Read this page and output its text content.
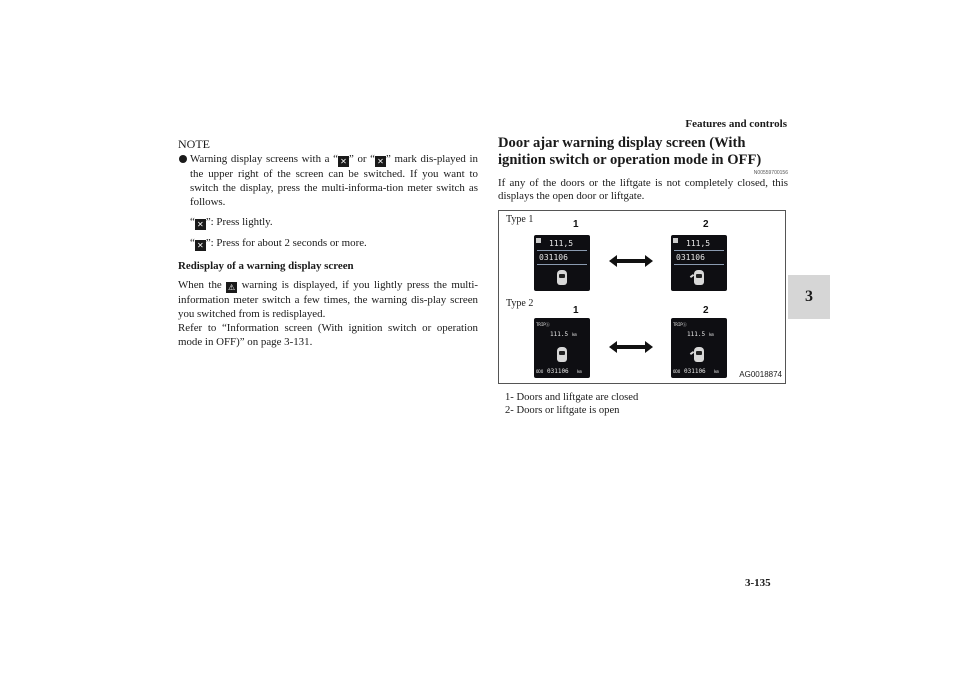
Features and controls
3
3-135
NOTE
Warning display screens with a “ ✕ ” or “ ✕ ” mark dis-played in the upper right of the screen can be switched. If you want to switch the display, press the multi-informa-tion meter switch as follows.
“ ✕ ”: Press lightly.
“ ✕ ”: Press for about 2 seconds or more.
Redisplay of a warning display screen
When the ⚠ warning is displayed, if you lightly press the multi-information meter switch a few times, the warning dis-play screen you switched from is redisplayed.
Refer to “Information screen (With ignition switch or operation mode in OFF)” on page 3-131.
Door ajar warning display screen (With ignition switch or operation mode in OFF)
N00559700156
If any of the doors or the liftgate is not completely closed, this displays the open door or liftgate.
Type 1
Type 2
1	2
1	2
111,5
031106
111,5
031106
TRIPⓐ
111.5 km
ODO 031106 km
TRIPⓐ
111.5 km
ODO 031106 km	AG0018874
1- Doors and liftgate are closed
2- Doors or liftgate is open
